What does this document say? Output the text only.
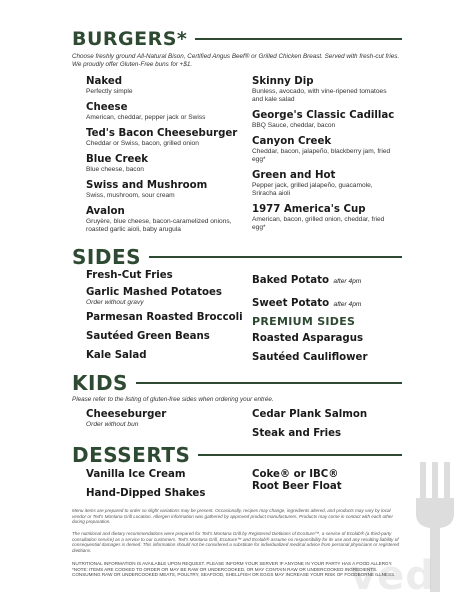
BURGERS*
Choose freshly ground All-Natural Bison, Certified Angus Beef® or Grilled Chicken Breast. Served with fresh-cut fries. We proudly offer Gluten-Free buns for +$1.
Naked
Perfectly simple
Cheese
American, cheddar, pepper jack or Swiss
Ted's Bacon Cheeseburger
Cheddar or Swiss, bacon, grilled onion
Blue Creek
Blue cheese, bacon
Swiss and Mushroom
Swiss, mushroom, sour cream
Avalon
Gruyère, blue cheese, bacon-caramelized onions, roasted garlic aioli, baby arugula
Skinny Dip
Bunless, avocado, with vine-ripened tomatoes and kale salad
George's Classic Cadillac
BBQ Sauce, cheddar, bacon
Canyon Creek
Cheddar, bacon, jalapeño, blackberry jam, fried egg*
Green and Hot
Pepper jack, grilled jalapeño, guacamole, Sriracha aioli
1977 America's Cup
American, bacon, grilled onion, cheddar, fried egg*
SIDES
Fresh-Cut Fries
Garlic Mashed Potatoes
Order without gravy
Parmesan Roasted Broccoli
Sautéed Green Beans
Kale Salad
Baked Potato after 4pm
Sweet Potato after 4pm
PREMIUM SIDES
Roasted Asparagus
Sautéed Cauliflower
KIDS
Please refer to the listing of gluten-free sides when ordering your entrée.
Cheeseburger
Order without bun
Cedar Plank Salmon
Steak and Fries
DESSERTS
Vanilla Ice Cream
Hand-Dipped Shakes
Coke® or IBC®
Root Beer Float
Menu items are prepared to order so slight variations may be present. Occasionally, recipes may change, ingredients altered, and products may vary by local vendor or Ted's Montana Grill Location. Allergen information was gathered by approved product manufacturers. Products may come in contact with each other during preparation.
The nutritional and dietary recommendations were prepared for Ted's Montana Grill by Registered Dietitians of EcoSure™, a service of Ecolab® (a third-party consultation service) as a service to our customers. Ted's Montana Grill, EcoSure™ and Ecolab® assume no responsibility for its use and any resulting liability of consequential damages is denied. This information should not be considered a substitute for individualized medical advice from personal physicians or registered dietitians.
NUTRITIONAL INFORMATION IS AVAILABLE UPON REQUEST. PLEASE INFORM YOUR SERVER IF ANYONE IN YOUR PARTY HAS A FOOD ALLERGY. *NOTE: ITEMS ARE COOKED TO ORDER OR MAY BE RAW OR UNDERCOOKED, OR MAY CONTAIN RAW OR UNDERCOOKED INGREDIENTS. CONSUMING RAW OR UNDERCOOKED MEATS, POULTRY, SEAFOOD, SHELLFISH OR EGGS MAY INCREASE YOUR RISK OF FOODBORNE ILLNESS.
ved
